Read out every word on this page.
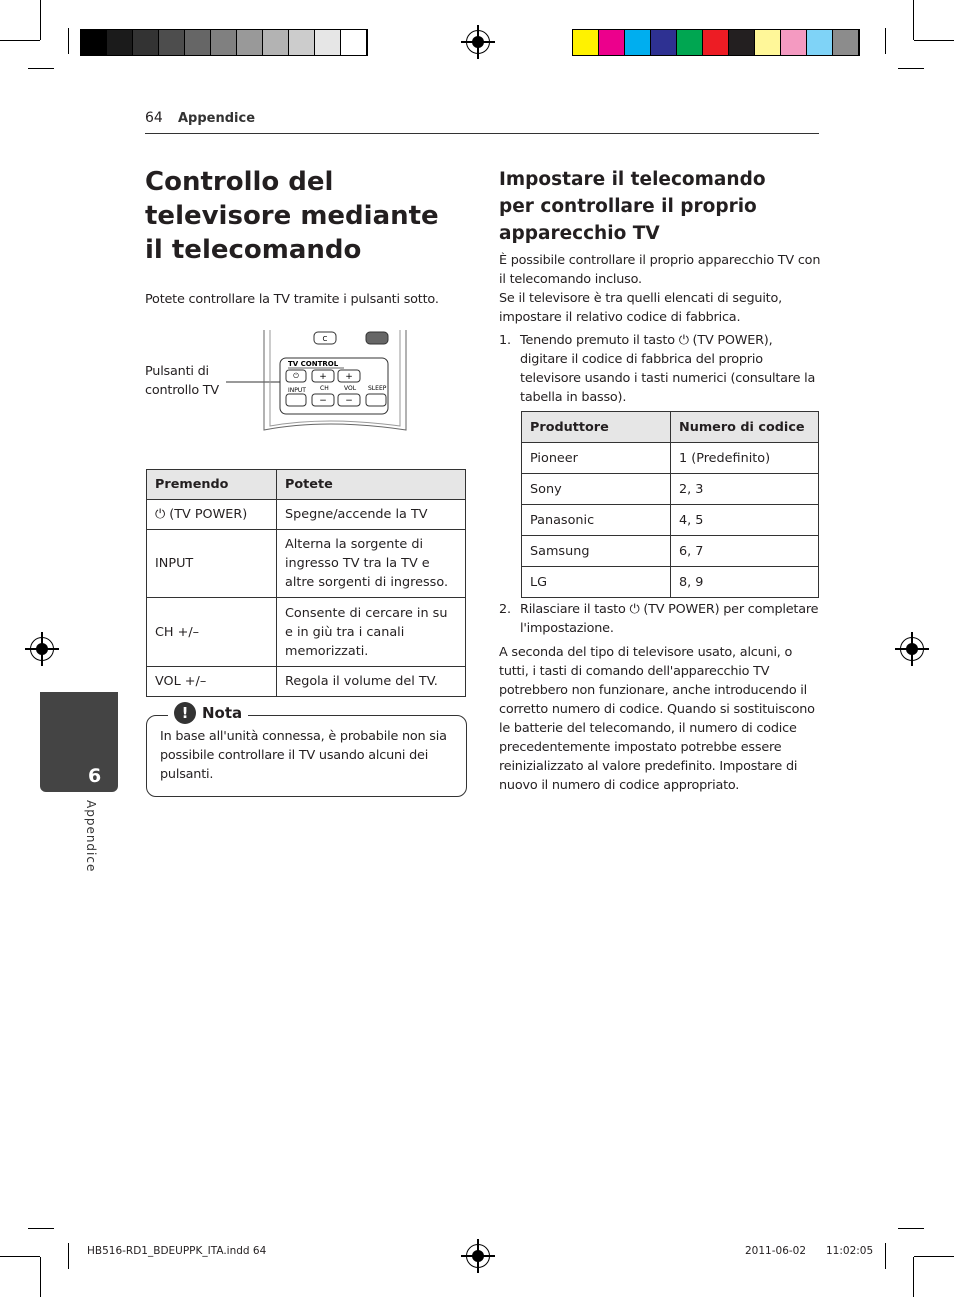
64 Appendice
Controllo del televisore mediante il telecomando
Potete controllare la TV tramite i pulsanti sotto.
Pulsanti di controllo TV
C
TV CONTROL
⏻ + +
INPUT CH	VOL SLEEP
− −
Premendo	Potete
⏻ (TV POWER)	Spegne/accende la TV
INPUT	Alterna la sorgente di ingresso TV tra la TV e altre sorgenti di ingresso.
CH +/–	Consente di cercare in su e in giù tra i canali memorizzati.
VOL +/–	Regola il volume del TV.
! Nota
In base all'unità connessa, è probabile non sia possibile controllare il TV usando alcuni dei pulsanti.
6
Appendice
Impostare il telecomando per controllare il proprio apparecchio TV
È possibile controllare il proprio apparecchio TV con il telecomando incluso.
Se il televisore è tra quelli elencati di seguito, impostare il relativo codice di fabbrica.
1. Tenendo premuto il tasto ⏻ (TV POWER), digitare il codice di fabbrica del proprio televisore usando i tasti numerici (consultare la tabella in basso).
Produttore	Numero di codice
Pioneer	1 (Predefinito)
Sony	2, 3
Panasonic	4, 5
Samsung	6, 7
LG	8, 9
2. Rilasciare il tasto ⏻ (TV POWER) per completare l'impostazione.
A seconda del tipo di televisore usato, alcuni, o tutti, i tasti di comando dell'apparecchio TV potrebbero non funzionare, anche introducendo il corretto numero di codice. Quando si sostituiscono le batterie del telecomando, il numero di codice precedentemente impostato potrebbe essere reinizializzato al valore predefinito. Impostare di nuovo il numero di codice appropriato.
HB516-RD1_BDEUPPK_ITA.indd 64	2011-06-02 11:02:05
